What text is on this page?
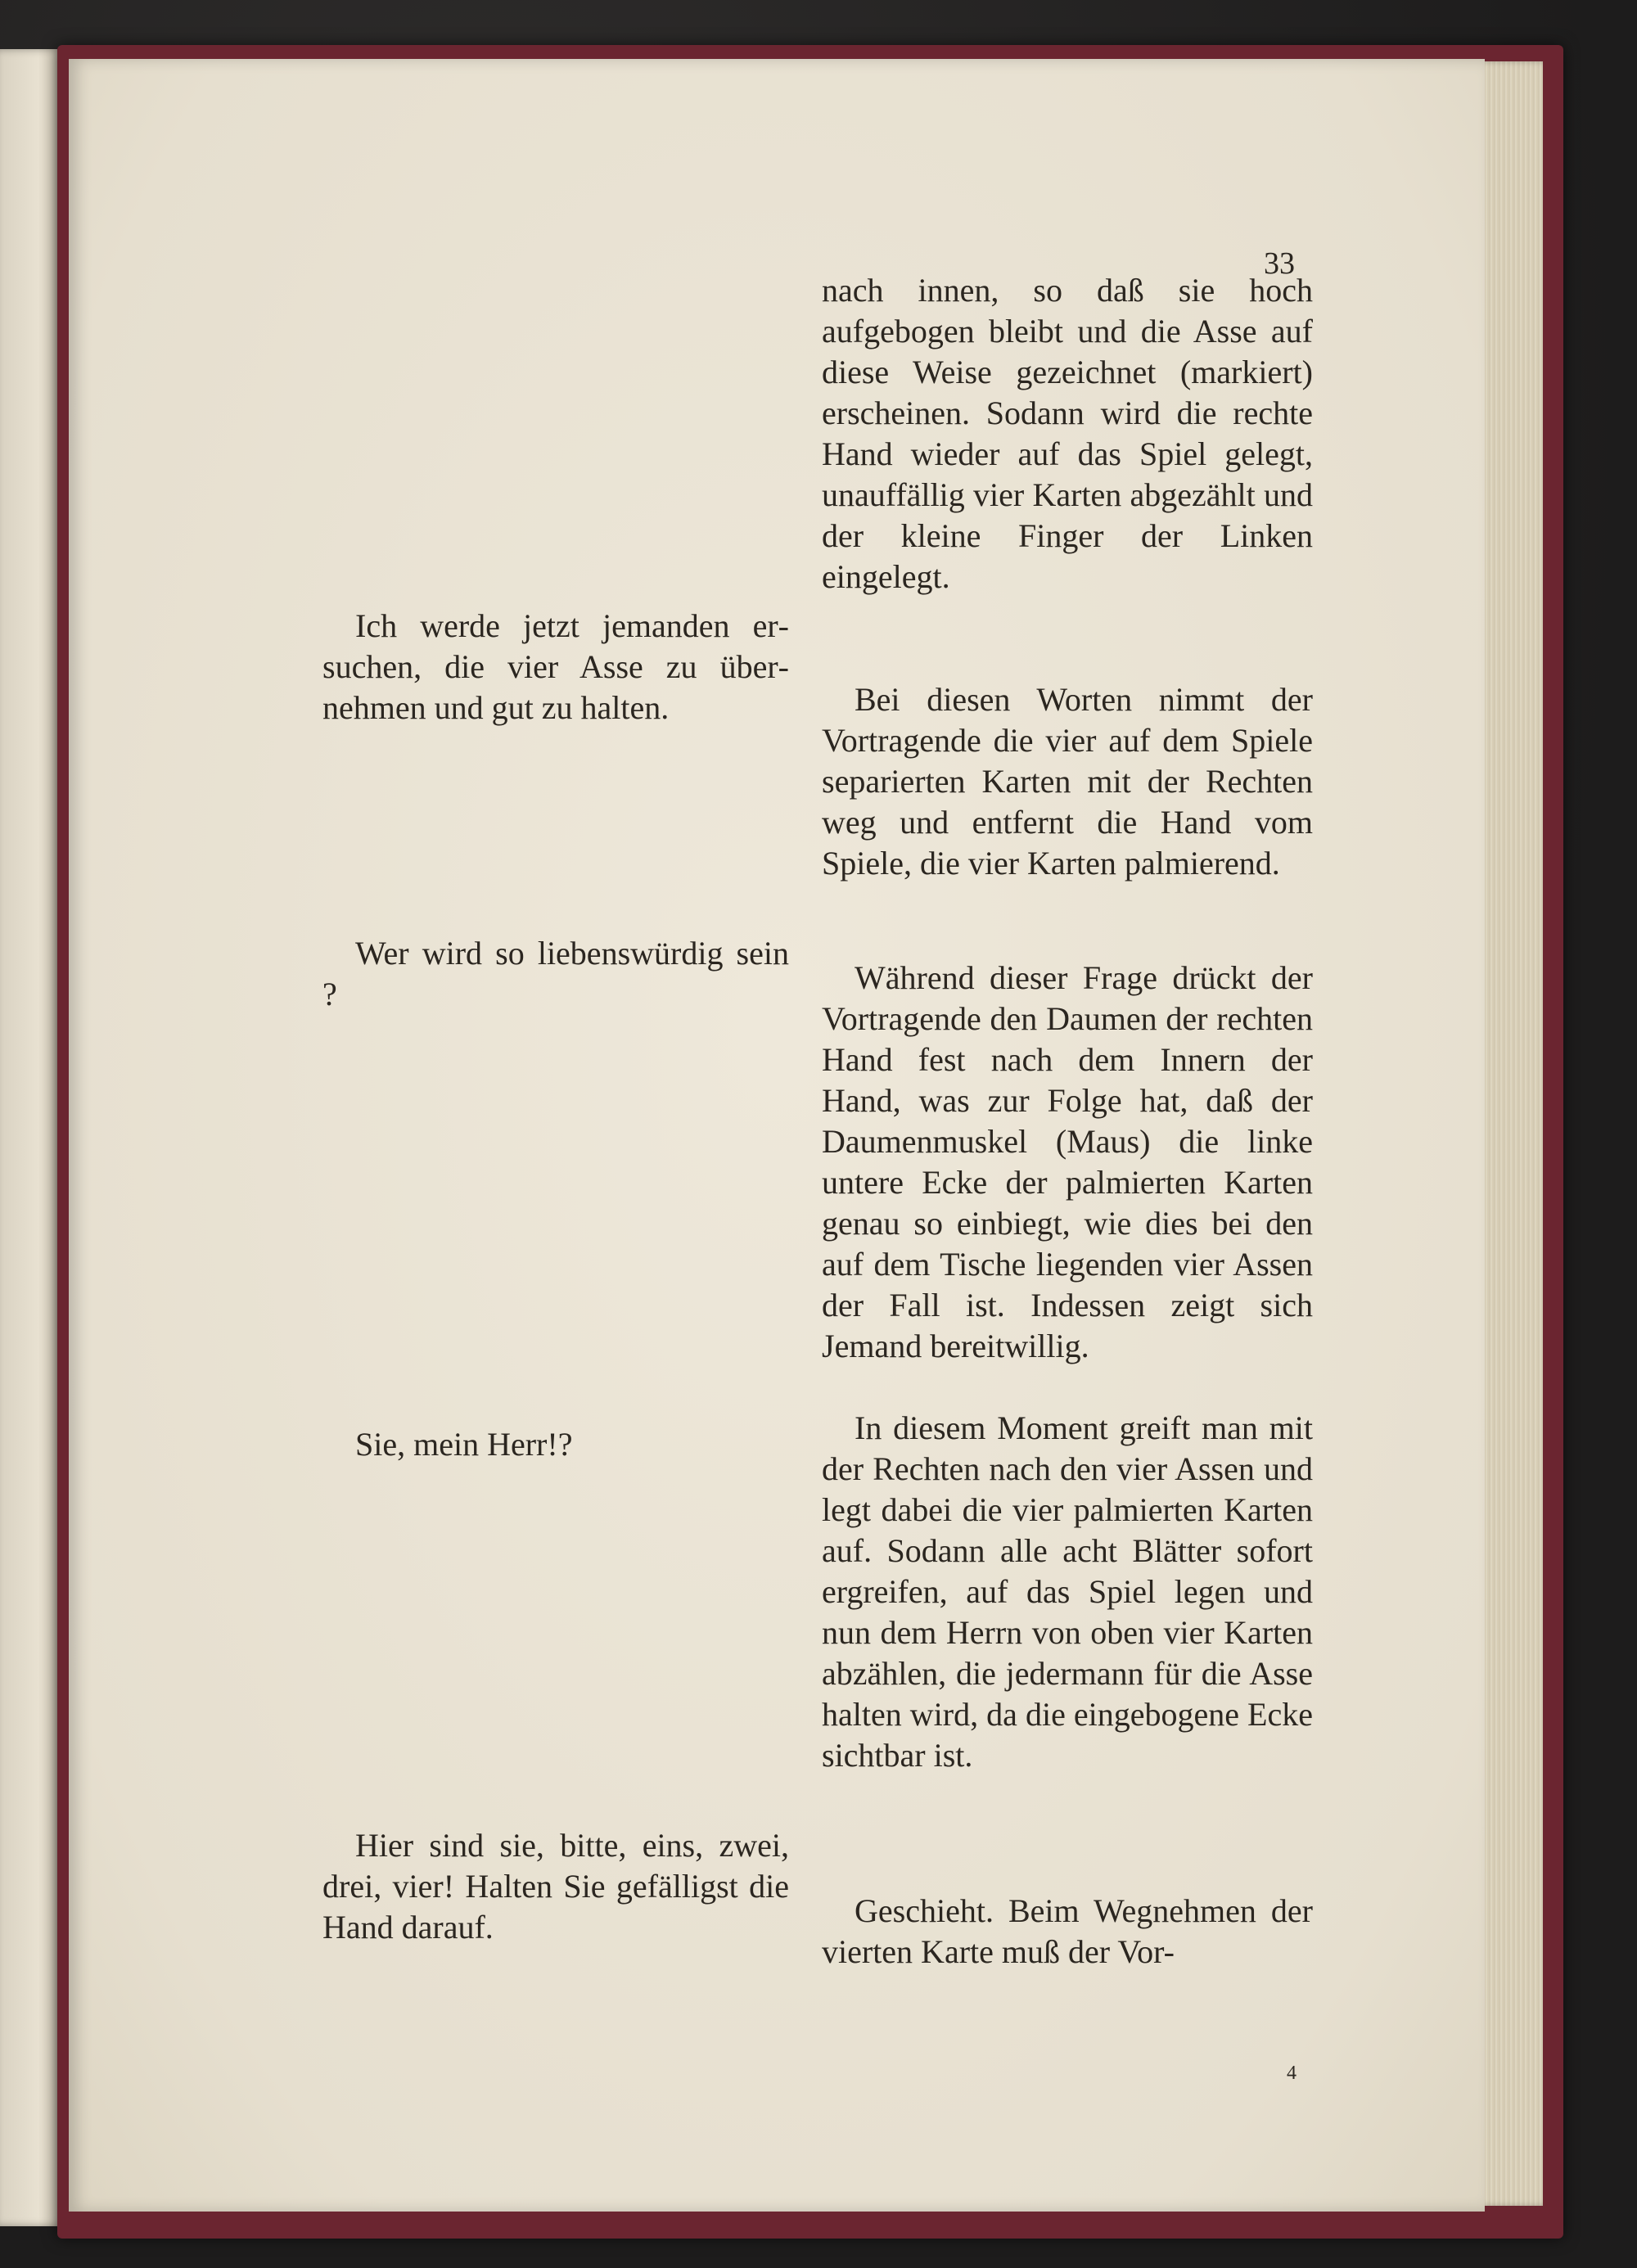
33

Ich werde jetzt jemanden ersuchen, die vier Asse zu übernehmen und gut zu halten.

Wer wird so liebenswürdig sein ?

Sie, mein Herr!?

Hier sind sie, bitte, eins, zwei, drei, vier! Halten Sie gefälligst die Hand darauf.

nach innen, so daß sie hoch aufgebogen bleibt und die Asse auf diese Weise gezeichnet (markiert) erscheinen. Sodann wird die rechte Hand wieder auf das Spiel gelegt, unauffällig vier Karten abgezählt und der kleine Finger der Linken eingelegt.

Bei diesen Worten nimmt der Vortragende die vier auf dem Spiele separierten Karten mit der Rechten weg und entfernt die Hand vom Spiele, die vier Karten palmierend.

Während dieser Frage drückt der Vortragende den Daumen der rechten Hand fest nach dem Innern der Hand, was zur Folge hat, daß der Daumenmuskel (Maus) die linke untere Ecke der palmierten Karten genau so einbiegt, wie dies bei den auf dem Tische liegenden vier Assen der Fall ist. Indessen zeigt sich Jemand bereitwillig.

In diesem Moment greift man mit der Rechten nach den vier Assen und legt dabei die vier palmierten Karten auf. Sodann alle acht Blätter sofort ergreifen, auf das Spiel legen und nun dem Herrn von oben vier Karten abzählen, die jedermann für die Asse halten wird, da die eingebogene Ecke sichtbar ist.

Geschieht. Beim Wegnehmen der vierten Karte muß der Vor-

4
